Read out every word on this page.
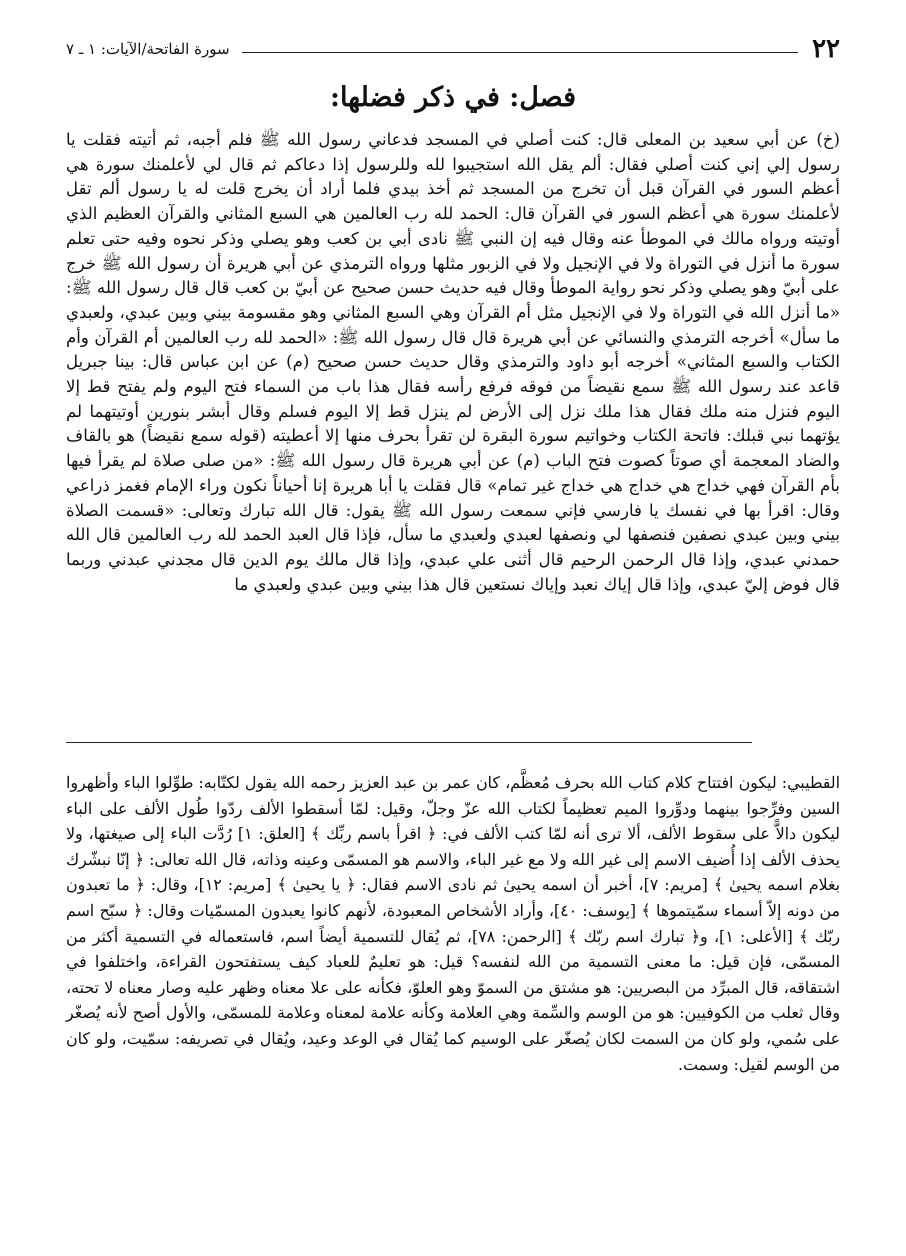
٢٢
سورة الفاتحة/الآيات: ١ ـ ٧
فصل: في ذكر فضلها:

(خ) عن أبي سعيد بن المعلى قال: كنت أصلي في المسجد فدعاني رسول الله ﷺ فلم أجبه، ثم أتيته فقلت يا رسول إلي إني كنت أصلي فقال: ألم يقل الله استجيبوا لله وللرسول إذا دعاكم ثم قال لي لأعلمنك سورة هي أعظم السور في القرآن قبل أن تخرج من المسجد ثم أخذ بيدي فلما أراد أن يخرج قلت له يا رسول ألم تقل لأعلمنك سورة هي أعظم السور في القرآن قال: الحمد لله رب العالمين هي السبع المثاني والقرآن العظيم الذي أوتيته ورواه مالك في الموطأ عنه وقال فيه إن النبي ﷺ نادى أبي بن كعب وهو يصلي وذكر نحوه وفيه حتى تعلم سورة ما أنزل في التوراة ولا في الإنجيل ولا في الزبور مثلها ورواه الترمذي عن أبي هريرة أن رسول الله ﷺ خرج على أبيّ وهو يصلي وذكر نحو رواية الموطأ وقال فيه حديث حسن صحيح عن أبيّ بن كعب قال قال رسول الله ﷺ: «ما أنزل الله في التوراة ولا في الإنجيل مثل أم القرآن وهي السبع المثاني وهو مقسومة بيني وبين عبدي، ولعبدي ما سأل» أخرجه الترمذي والنسائي عن أبي هريرة قال قال رسول الله ﷺ: «الحمد لله رب العالمين أم القرآن وأم الكتاب والسبع المثاني» أخرجه أبو داود والترمذي وقال حديث حسن صحيح (م) عن ابن عباس قال: بينا جبريل قاعد عند رسول الله ﷺ سمع نقيضاً من فوقه فرفع رأسه فقال هذا باب من السماء فتح اليوم ولم يفتح قط إلا اليوم فنزل منه ملك فقال هذا ملك نزل إلى الأرض لم ينزل قط إلا اليوم فسلم وقال أبشر بنورين أوتيتهما لم يؤتهما نبي قبلك: فاتحة الكتاب وخواتيم سورة البقرة لن تقرأ بحرف منها إلا أعطيته (قوله سمع نقيضاً) هو بالقاف والضاد المعجمة أي صوتاً كصوت فتح الباب (م) عن أبي هريرة قال رسول الله ﷺ: «من صلى صلاة لم يقرأ فيها بأم القرآن فهي خداج هي خداج هي خداج غير تمام» قال فقلت يا أبا هريرة إنا أحياناً نكون وراء الإمام فغمز ذراعي وقال: اقرأ بها في نفسك يا فارسي فإني سمعت رسول الله ﷺ يقول: قال الله تبارك وتعالى: «قسمت الصلاة بيني وبين عبدي نصفين فنصفها لي ونصفها لعبدي ولعبدي ما سأل، فإذا قال العبد الحمد لله رب العالمين قال الله حمدني عبدي، وإذا قال الرحمن الرحيم قال أثنى علي عبدي، وإذا قال مالك يوم الدين قال مجدني عبدني وربما قال فوض إليّ عبدي، وإذا قال إياك نعبد وإياك نستعين قال هذا بيني وبين عبدي ولعبدي ما

القطيبي: ليكون افتتاح كلام كتاب الله بحرف مُعظَّم، كان عمر بن عبد العزيز رحمه الله يقول لكتّابه: طوِّلوا الباء وأظهروا السين وفرِّجوا بينهما ودوِّروا الميم تعظيماً لكتاب الله عزّ وجلّ، وقيل: لمّا أسقطوا الألف ردّوا طُول الألف على الباء ليكون دالاًّ على سقوط الألف، ألا ترى أنه لمّا كتب الألف في: ﴿ اقرأ باسم ربِّك ﴾ [العلق: ١] رُدَّت الباء إلى صيغتها، ولا يحذف الألف إذا أُضيف الاسم إلى غير الله ولا مع غير الباء، والاسم هو المسمّى وعينه وذاته، قال الله تعالى: ﴿ إنّا نبشّرك بغلام اسمه يحيىٰ ﴾ [مريم: ٧]، أخبر أن اسمه يحيىٰ ثم نادى الاسم فقال: ﴿ يا يحيىٰ ﴾ [مريم: ١٢]، وقال: ﴿ ما تعبدون من دونه إلاّ أسماء سمّيتموها ﴾ [يوسف: ٤٠]، وأراد الأشخاص المعبودة، لأنهم كانوا يعبدون المسمّيات وقال: ﴿ سبّح اسم ربّك ﴾ [الأعلى: ١]، و﴿ تبارك اسم ربّك ﴾ [الرحمن: ٧٨]، ثم يُقال للتسمية أيضاً اسم، فاستعماله في التسمية أكثر من المسمّى، فإن قيل: ما معنى التسمية من الله لنفسه؟ قيل: هو تعليمٌ للعباد كيف يستفتحون القراءة، واختلفوا في اشتقاقه، قال المبرِّد من البصريين: هو مشتق من السموّ وهو العلوّ، فكأنه على علا معناه وظهر عليه وصار معناه لا تحته، وقال ثعلب من الكوفيين: هو من الوسم والسِّمة وهي العلامة وكأنه علامة لمعناه وعلامة للمسمّى، والأول أصح لأنه يُصغّر على سُمي، ولو كان من السمت لكان يُصغّر على الوسيم كما يُقال في الوعد وعيد، ويُقال في تصريفه: سمّيت، ولو كان من الوسم لقيل: وسمت.
